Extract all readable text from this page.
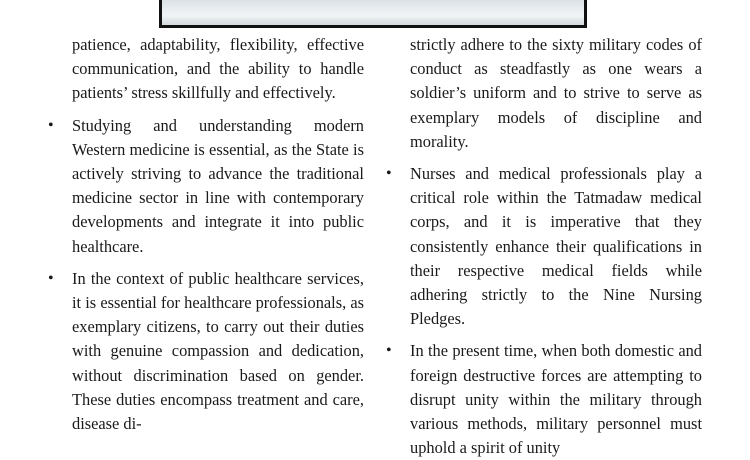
patience, adaptability, flexibility, effective communication, and the ability to handle patients’ stress skillfully and effectively.

• Studying and understanding modern Western medicine is essential, as the State is actively striving to advance the traditional medicine sector in line with contemporary developments and integrate it into public healthcare.

• In the context of public healthcare services, it is essential for healthcare professionals, as exemplary citizens, to carry out their duties with genuine compassion and dedication, without discrimination based on gender. These duties encompass treatment and care, disease di-

strictly adhere to the sixty military codes of conduct as steadfastly as one wears a soldier’s uniform and to strive to serve as exemplary models of discipline and morality.

• Nurses and medical professionals play a critical role within the Tatmadaw medical corps, and it is imperative that they consistently enhance their qualifications in their respective medical fields while adhering strictly to the Nine Nursing Pledges.

• In the present time, when both domestic and foreign destructive forces are attempting to disrupt unity within the military through various methods, military personnel must uphold a spirit of unity
